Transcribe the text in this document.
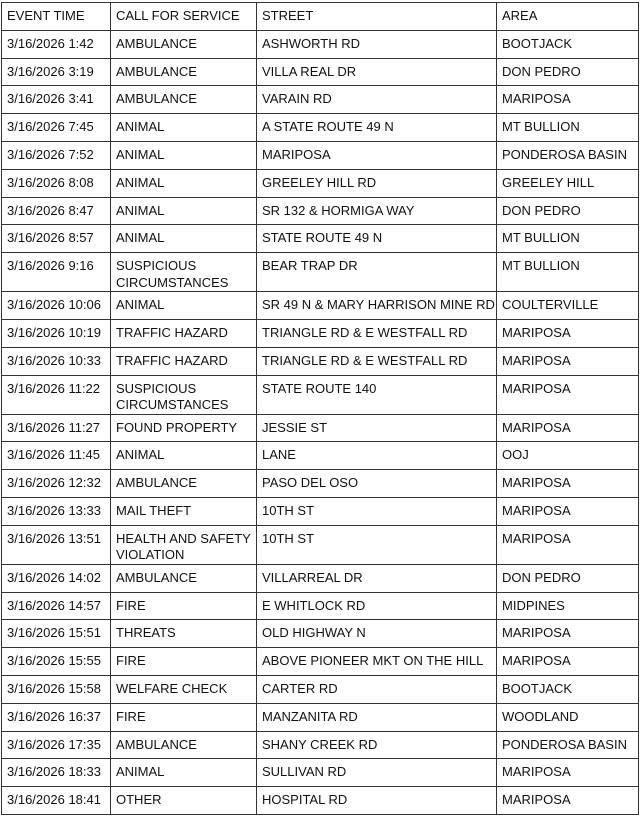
EVENT TIME	CALL FOR SERVICE	STREET	AREA
3/16/2026 1:42	AMBULANCE	ASHWORTH RD	BOOTJACK
3/16/2026 3:19	AMBULANCE	VILLA REAL DR	DON PEDRO
3/16/2026 3:41	AMBULANCE	VARAIN RD	MARIPOSA
3/16/2026 7:45	ANIMAL	A STATE ROUTE 49 N	MT BULLION
3/16/2026 7:52	ANIMAL	MARIPOSA	PONDEROSA BASIN
3/16/2026 8:08	ANIMAL	GREELEY HILL RD	GREELEY HILL
3/16/2026 8:47	ANIMAL	SR 132 & HORMIGA WAY	DON PEDRO
3/16/2026 8:57	ANIMAL	STATE ROUTE 49 N	MT BULLION
3/16/2026 9:16	SUSPICIOUS CIRCUMSTANCES	BEAR TRAP DR	MT BULLION
3/16/2026 10:06	ANIMAL	SR 49 N & MARY HARRISON MINE RD	COULTERVILLE
3/16/2026 10:19	TRAFFIC HAZARD	TRIANGLE RD & E WESTFALL RD	MARIPOSA
3/16/2026 10:33	TRAFFIC HAZARD	TRIANGLE RD & E WESTFALL RD	MARIPOSA
3/16/2026 11:22	SUSPICIOUS CIRCUMSTANCES	STATE ROUTE 140	MARIPOSA
3/16/2026 11:27	FOUND PROPERTY	JESSIE ST	MARIPOSA
3/16/2026 11:45	ANIMAL	LANE	OOJ
3/16/2026 12:32	AMBULANCE	PASO DEL OSO	MARIPOSA
3/16/2026 13:33	MAIL THEFT	10TH ST	MARIPOSA
3/16/2026 13:51	HEALTH AND SAFETY VIOLATION	10TH ST	MARIPOSA
3/16/2026 14:02	AMBULANCE	VILLARREAL DR	DON PEDRO
3/16/2026 14:57	FIRE	E WHITLOCK RD	MIDPINES
3/16/2026 15:51	THREATS	OLD HIGHWAY N	MARIPOSA
3/16/2026 15:55	FIRE	ABOVE PIONEER MKT ON THE HILL	MARIPOSA
3/16/2026 15:58	WELFARE CHECK	CARTER RD	BOOTJACK
3/16/2026 16:37	FIRE	MANZANITA RD	WOODLAND
3/16/2026 17:35	AMBULANCE	SHANY CREEK RD	PONDEROSA BASIN
3/16/2026 18:33	ANIMAL	SULLIVAN RD	MARIPOSA
3/16/2026 18:41	OTHER	HOSPITAL RD	MARIPOSA
